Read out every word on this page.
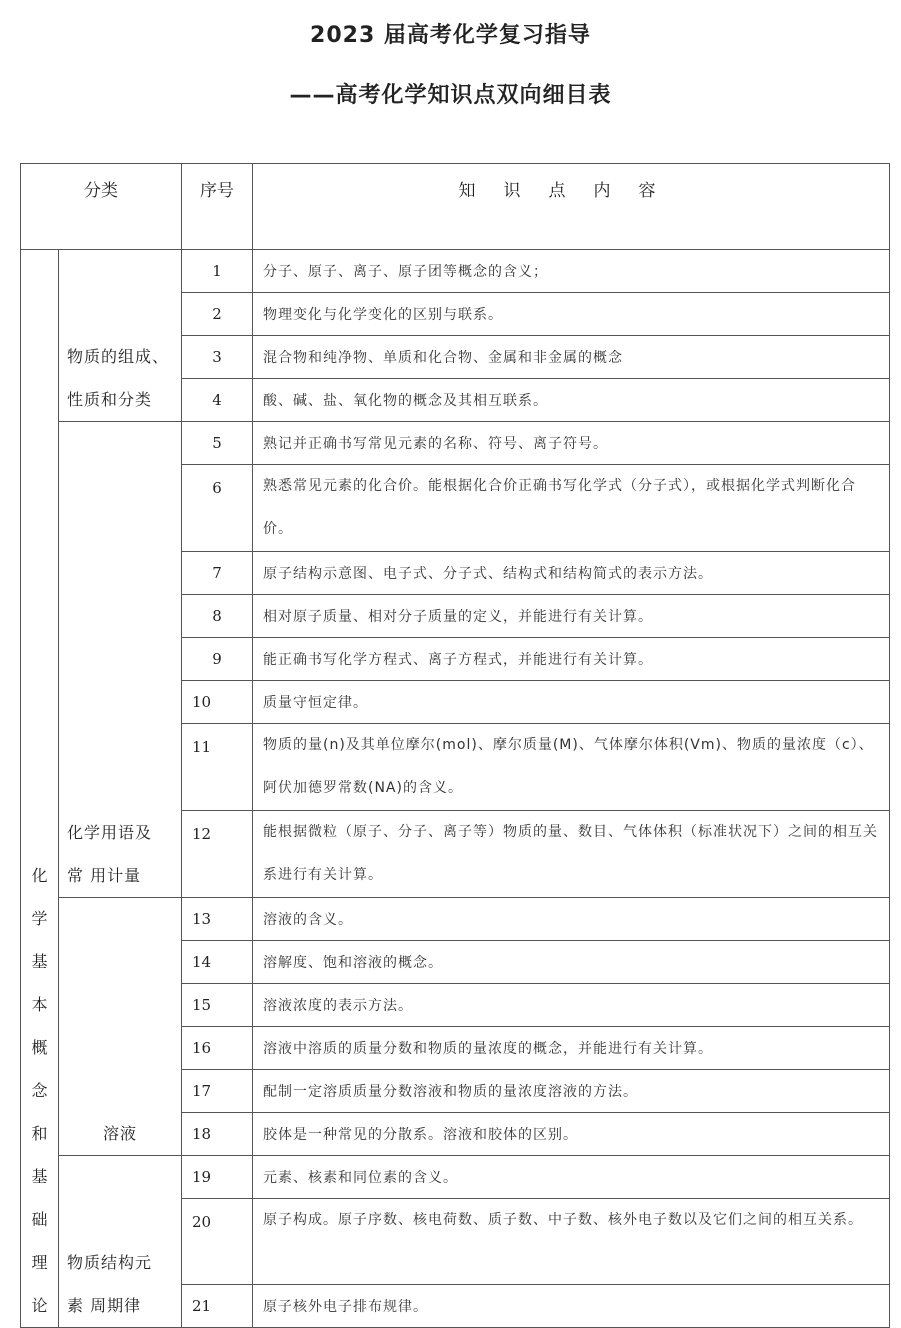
2023 届高考化学复习指导
——高考化学知识点双向细目表
分类		序号	知识点内容
化学基本概念和基础理论	物质的组成、
性质和分类	1	分子、原子、离子、原子团等概念的含义；
		2	物理变化与化学变化的区别与联系。
		3	混合物和纯净物、单质和化合物、金属和非金属的概念
		4	酸、碱、盐、氧化物的概念及其相互联系。

	化学用语及
常 用计量	5	熟记并正确书写常见元素的名称、符号、离子符号。
		6	熟悉常见元素的化合价。能根据化合价正确书写化学式（分子式），或根据化学式判断化合价。
		7	原子结构示意图、电子式、分子式、结构式和结构简式的表示方法。
		8	相对原子质量、相对分子质量的定义，并能进行有关计算。
		9	能正确书写化学方程式、离子方程式，并能进行有关计算。
		10	质量守恒定律。
		11	物质的量(n)及其单位摩尔(mol)、摩尔质量(M)、气体摩尔体积(Vm)、物质的量浓度（c）、阿伏加德罗常数(NA)的含义。
		12	能根据微粒（原子、分子、离子等）物质的量、数目、气体体积（标准状况下）之间的相互关系进行有关计算。

	溶液	13	溶液的含义。
		14	溶解度、饱和溶液的概念。
		15	溶液浓度的表示方法。
		16	溶液中溶质的质量分数和物质的量浓度的概念，并能进行有关计算。
		17	配制一定溶质质量分数溶液和物质的量浓度溶液的方法。
		18	胶体是一种常见的分散系。溶液和胶体的区别。

	物质结构元
素 周期律	19	元素、核素和同位素的含义。
		20	原子构成。原子序数、核电荷数、质子数、中子数、核外电子数以及它们之间的相互关系。
		21	原子核外电子排布规律。
